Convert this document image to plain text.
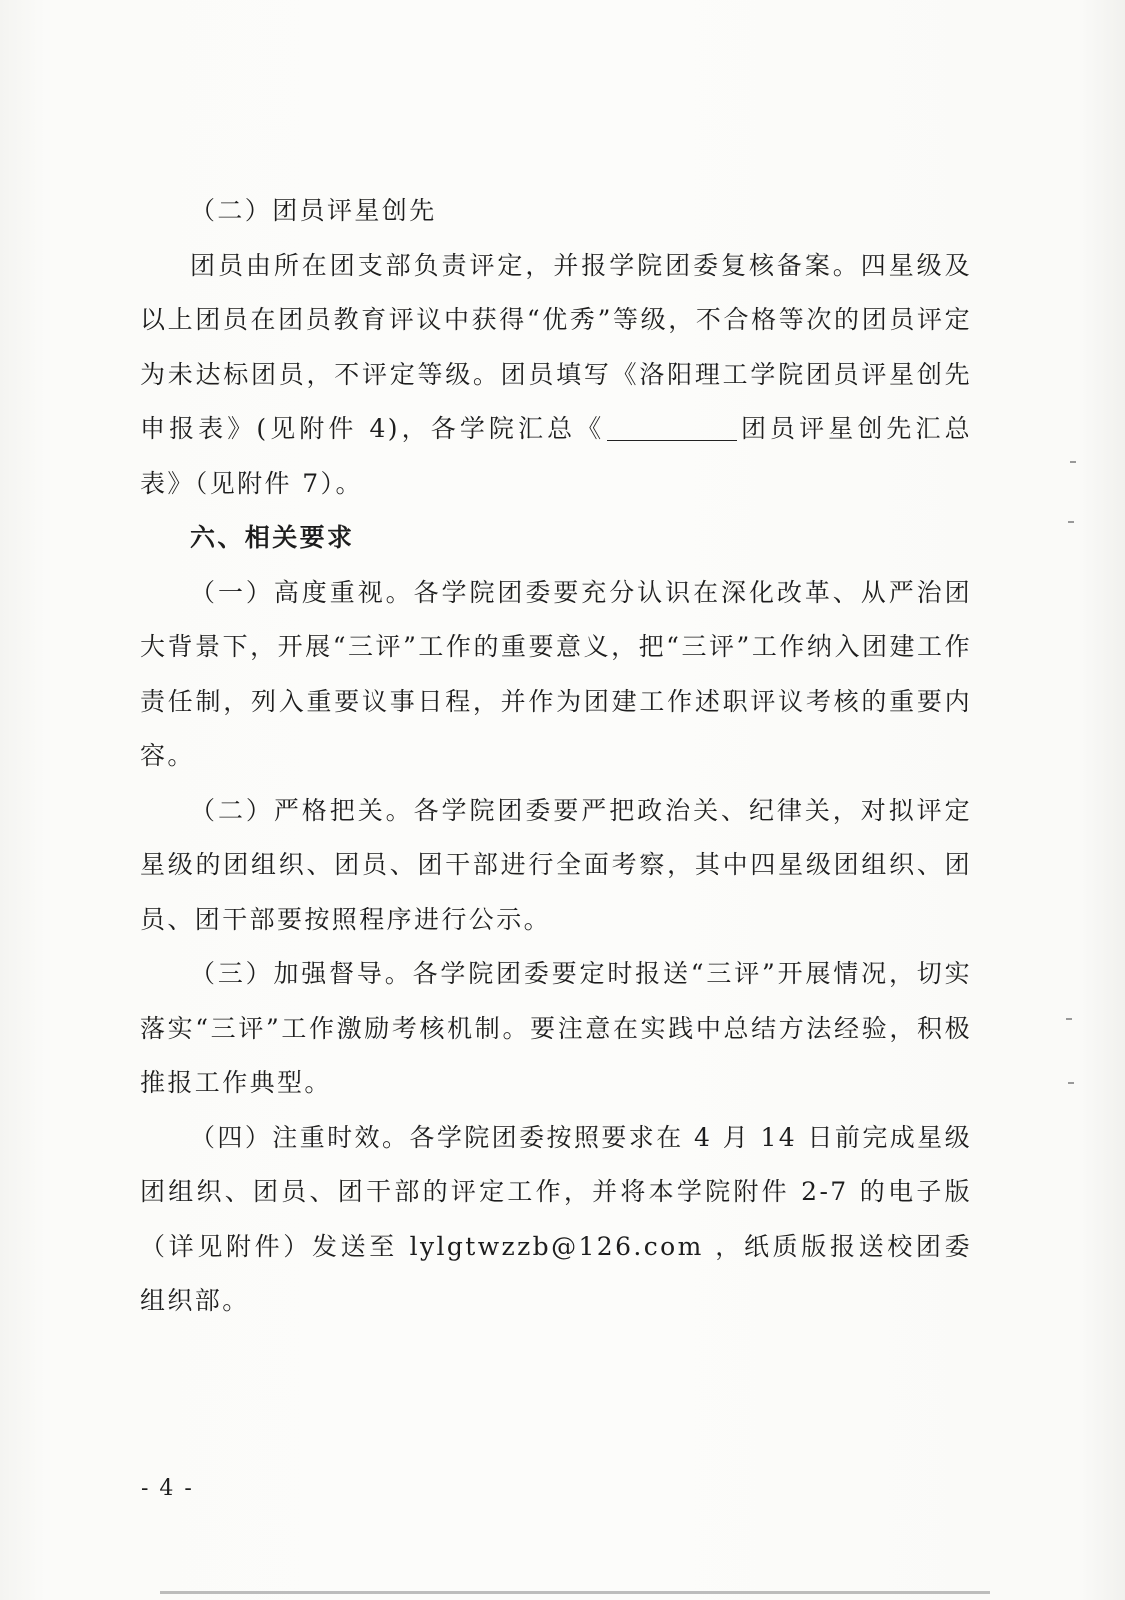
（二）团员评星创先

团员由所在团支部负责评定，并报学院团委复核备案。四星级及以上团员在团员教育评议中获得“优秀”等级，不合格等次的团员评定为未达标团员，不评定等级。团员填写《洛阳理工学院团员评星创先申报表》(见附件 4)，各学院汇总《	团员评星创先汇总表》（见附件 7）。

六、相关要求

（一）高度重视。各学院团委要充分认识在深化改革、从严治团大背景下，开展“三评”工作的重要意义，把“三评”工作纳入团建工作责任制，列入重要议事日程，并作为团建工作述职评议考核的重要内容。

（二）严格把关。各学院团委要严把政治关、纪律关，对拟评定星级的团组织、团员、团干部进行全面考察，其中四星级团组织、团员、团干部要按照程序进行公示。

（三）加强督导。各学院团委要定时报送“三评”开展情况，切实落实“三评”工作激励考核机制。要注意在实践中总结方法经验，积极推报工作典型。

（四）注重时效。各学院团委按照要求在 4 月 14 日前完成星级团组织、团员、团干部的评定工作，并将本学院附件 2-7 的电子版（详见附件）发送至 lylgtwzzb@126.com ，纸质版报送校团委组织部。

- 4 -
